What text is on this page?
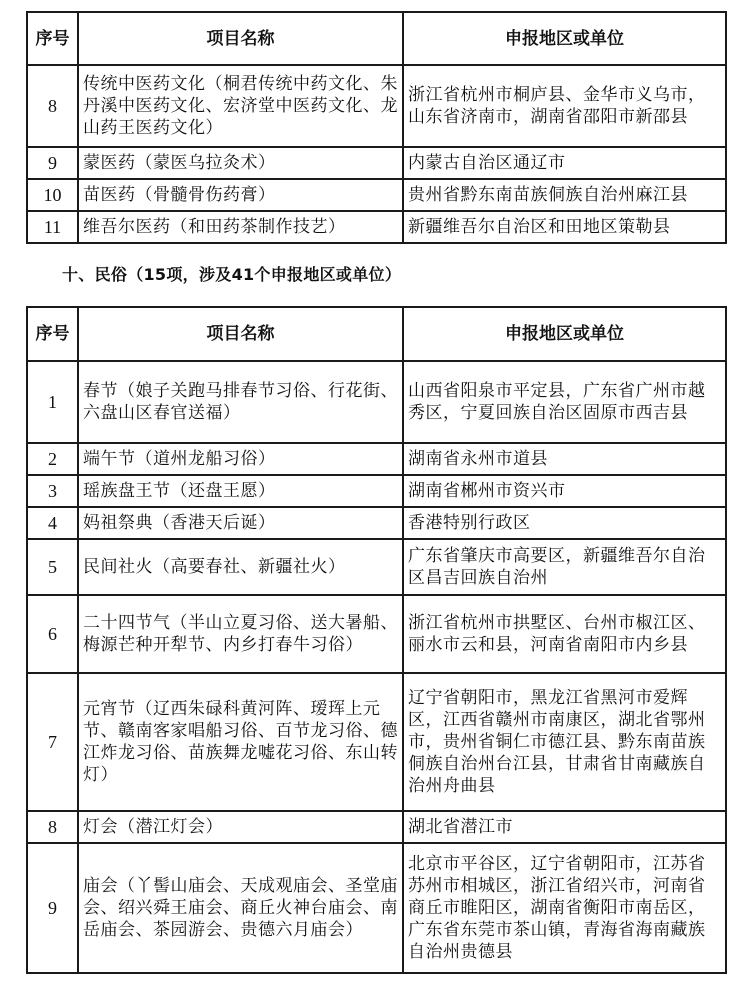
序号	项目名称	申报地区或单位
8	传统中医药文化（桐君传统中药文化、朱丹溪中医药文化、宏济堂中医药文化、龙山药王医药文化）	浙江省杭州市桐庐县、金华市义乌市，山东省济南市，湖南省邵阳市新邵县
9	蒙医药（蒙医乌拉灸术）	内蒙古自治区通辽市
10	苗医药（骨髓骨伤药膏）	贵州省黔东南苗族侗族自治州麻江县
11	维吾尔医药（和田药茶制作技艺）	新疆维吾尔自治区和田地区策勒县
十、民俗（15项，涉及41个申报地区或单位）
序号	项目名称	申报地区或单位
1	春节（娘子关跑马排春节习俗、行花街、六盘山区春官送福）	山西省阳泉市平定县，广东省广州市越秀区，宁夏回族自治区固原市西吉县
2	端午节（道州龙船习俗）	湖南省永州市道县
3	瑶族盘王节（还盘王愿）	湖南省郴州市资兴市
4	妈祖祭典（香港天后诞）	香港特别行政区
5	民间社火（高要春社、新疆社火）	广东省肇庆市高要区，新疆维吾尔自治区昌吉回族自治州
6	二十四节气（半山立夏习俗、送大暑船、梅源芒种开犁节、内乡打春牛习俗）	浙江省杭州市拱墅区、台州市椒江区、丽水市云和县，河南省南阳市内乡县
7	元宵节（辽西朱碌科黄河阵、瑷珲上元节、赣南客家唱船习俗、百节龙习俗、德江炸龙习俗、苗族舞龙嘘花习俗、东山转灯）	辽宁省朝阳市，黑龙江省黑河市爱辉区，江西省赣州市南康区，湖北省鄂州市，贵州省铜仁市德江县、黔东南苗族侗族自治州台江县，甘肃省甘南藏族自治州舟曲县
8	灯会（潜江灯会）	湖北省潜江市
9	庙会（丫髻山庙会、天成观庙会、圣堂庙会、绍兴舜王庙会、商丘火神台庙会、南岳庙会、茶园游会、贵德六月庙会）	北京市平谷区，辽宁省朝阳市，江苏省苏州市相城区，浙江省绍兴市，河南省商丘市睢阳区，湖南省衡阳市南岳区，广东省东莞市茶山镇，青海省海南藏族自治州贵德县
